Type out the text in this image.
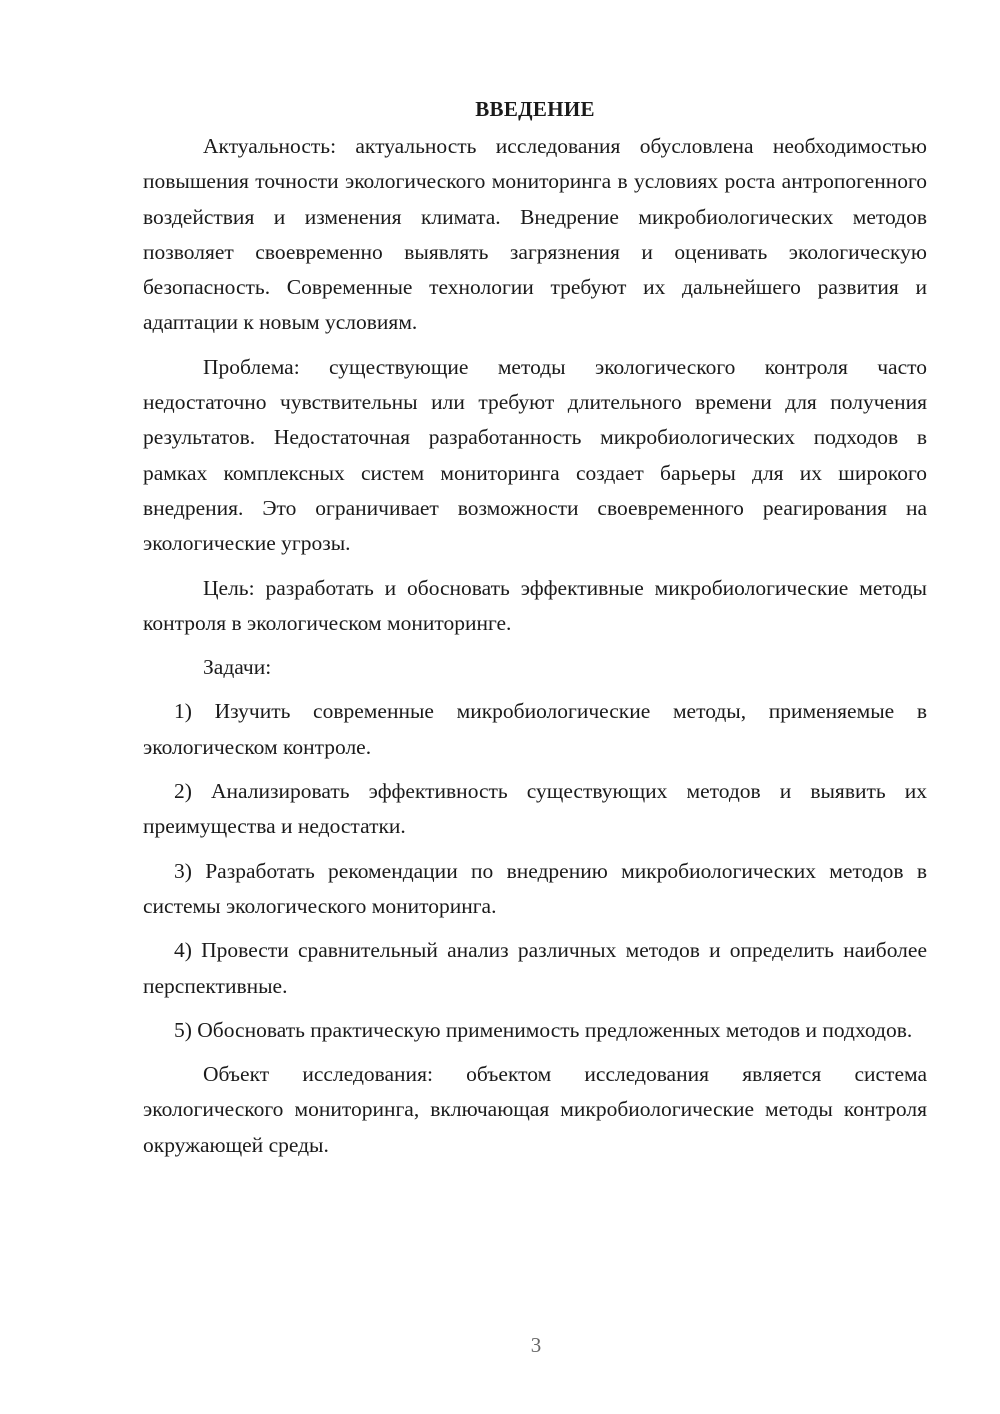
ВВЕДЕНИЕ

Актуальность: актуальность исследования обусловлена необходимостью повышения точности экологического мониторинга в условиях роста антропогенного воздействия и изменения климата. Внедрение микробиологических методов позволяет своевременно выявлять загрязнения и оценивать экологическую безопасность. Современные технологии требуют их дальнейшего развития и адаптации к новым условиям.

Проблема: существующие методы экологического контроля часто недостаточно чувствительны или требуют длительного времени для получения результатов. Недостаточная разработанность микробиологических подходов в рамках комплексных систем мониторинга создает барьеры для их широкого внедрения. Это ограничивает возможности своевременного реагирования на экологические угрозы.

Цель: разработать и обосновать эффективные микробиологические методы контроля в экологическом мониторинге.

Задачи:

1) Изучить современные микробиологические методы, применяемые в экологическом контроле.

2) Анализировать эффективность существующих методов и выявить их преимущества и недостатки.

3) Разработать рекомендации по внедрению микробиологических методов в системы экологического мониторинга.

4) Провести сравнительный анализ различных методов и определить наиболее перспективные.

5) Обосновать практическую применимость предложенных методов и подходов.

Объект исследования: объектом исследования является система экологического мониторинга, включающая микробиологические методы контроля окружающей среды.

3
